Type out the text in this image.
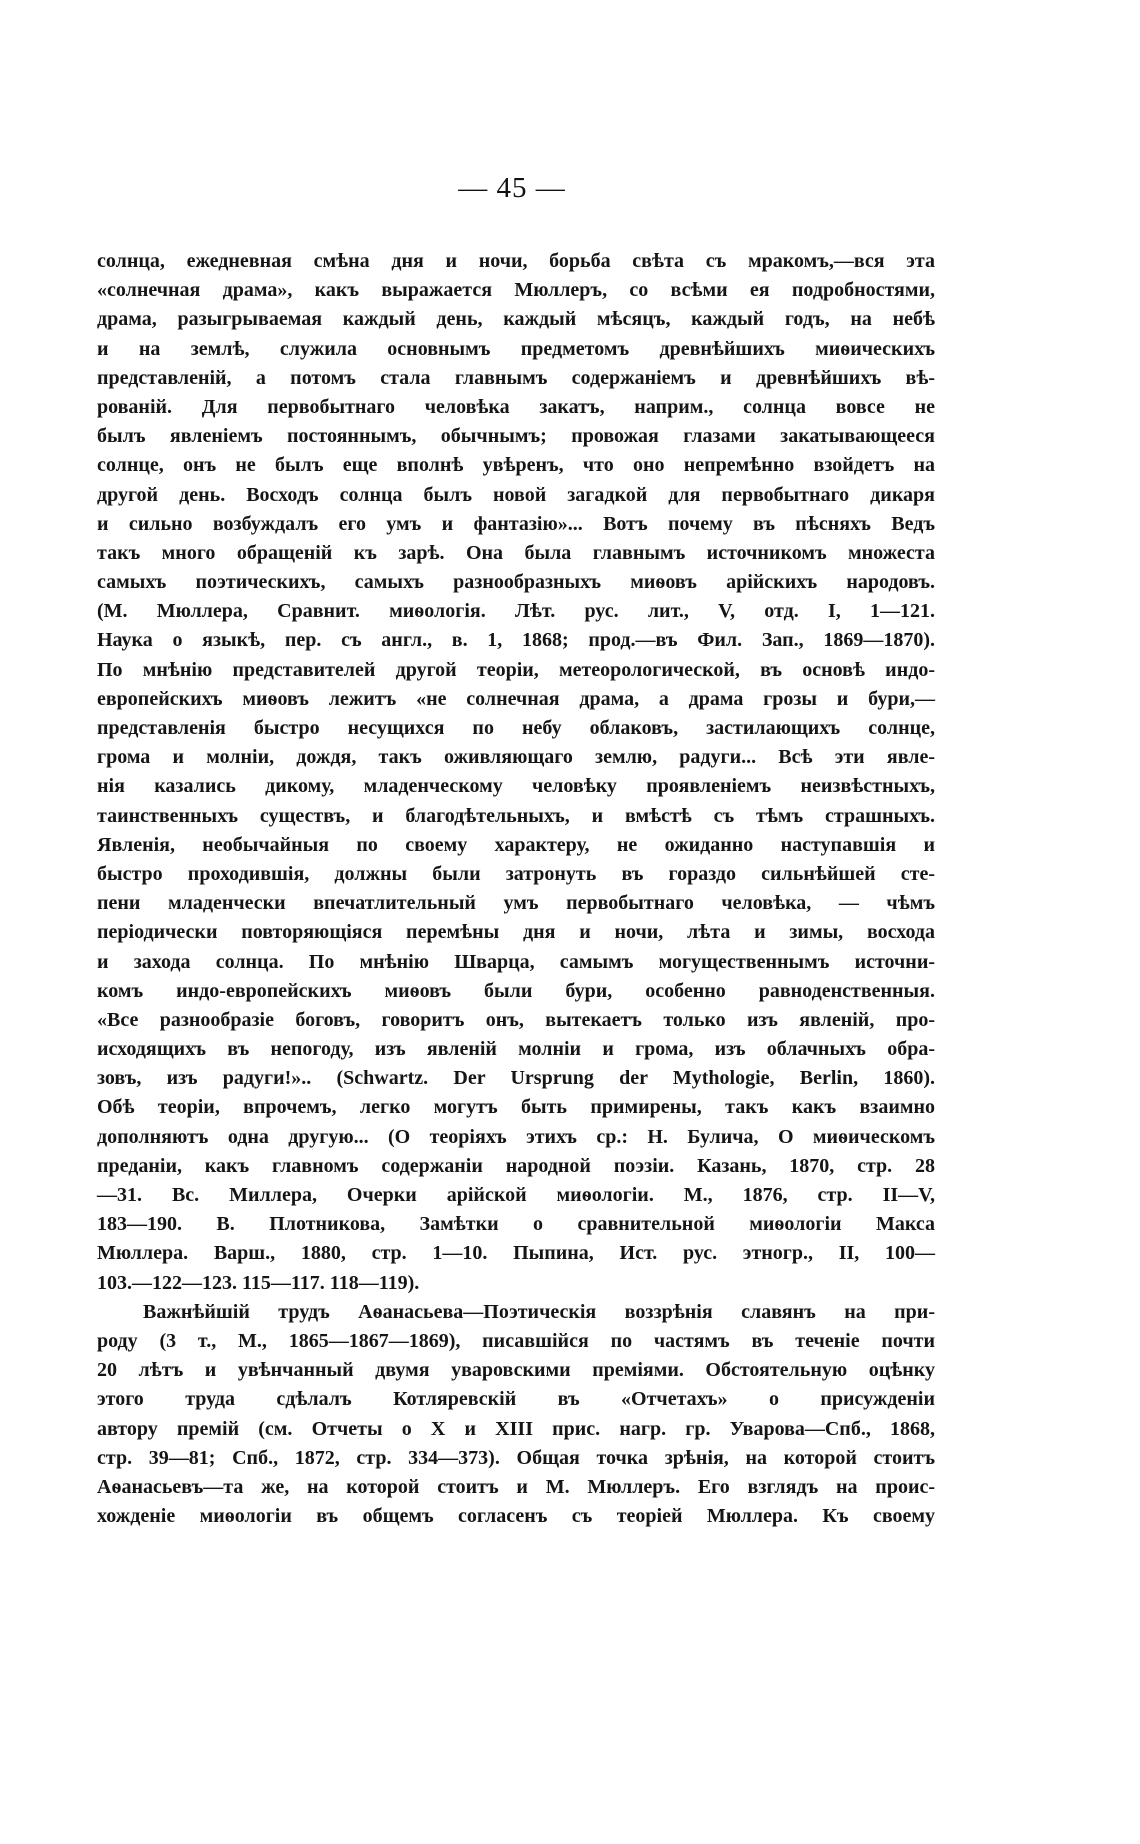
— 45 —
солнца, ежедневная смѣна дня и ночи, борьба свѣта съ мракомъ,—вся эта
«солнечная драма», какъ выражается Мюллеръ, со всѣми ея подробностями,
драма, разыгрываемая каждый день, каждый мѣсяцъ, каждый годъ, на небѣ
и на землѣ, служила основнымъ предметомъ древнѣйшихъ миѳическихъ
представленій, а потомъ стала главнымъ содержаніемъ и древнѣйшихъ вѣ-
рованій. Для первобытнаго человѣка закатъ, наприм., солнца вовсе не
былъ явленіемъ постояннымъ, обычнымъ; провожая глазами закатывающееся
солнце, онъ не былъ еще вполнѣ увѣренъ, что оно непремѣнно взойдетъ на
другой день. Восходъ солнца былъ новой загадкой для первобытнаго дикаря
и сильно возбуждалъ его умъ и фантазію»... Вотъ почему въ пѣсняхъ Ведъ
такъ много обращеній къ зарѣ. Она была главнымъ источникомъ множеста
самыхъ поэтическихъ, самыхъ разнообразныхъ миѳовъ арійскихъ народовъ.
(М. Мюллера, Сравнит. миѳологія. Лѣт. рус. лит., V, отд. I, 1—121.
Наука о языкѣ, пер. съ англ., в. 1, 1868; прод.—въ Фил. Зап., 1869—1870).
По мнѣнію представителей другой теоріи, метеорологической, въ основѣ индо-
европейскихъ миѳовъ лежитъ «не солнечная драма, а драма грозы и бури,—
представленія быстро несущихся по небу облаковъ, застилающихъ солнце,
грома и молніи, дождя, такъ оживляющаго землю, радуги... Всѣ эти явле-
нія казались дикому, младенческому человѣку проявленіемъ неизвѣстныхъ,
таинственныхъ существъ, и благодѣтельныхъ, и вмѣстѣ съ тѣмъ страшныхъ.
Явленія, необычайныя по своему характеру, не ожиданно наступавшія и
быстро проходившія, должны были затронуть въ гораздо сильнѣйшей сте-
пени младенчески впечатлительный умъ первобытнаго человѣка, — чѣмъ
періодически повторяющіяся перемѣны дня и ночи, лѣта и зимы, восхода
и захода солнца. По мнѣнію Шварца, самымъ могущественнымъ источни-
комъ индо-европейскихъ миѳовъ были бури, особенно равноденственныя.
«Все разнообразіе боговъ, говоритъ онъ, вытекаетъ только изъ явленій, про-
исходящихъ въ непогоду, изъ явленій молніи и грома, изъ облачныхъ обра-
зовъ, изъ радуги!».. (Schwartz. Der Ursprung der Mythologie, Berlin, 1860).
Обѣ теоріи, впрочемъ, легко могутъ быть примирены, такъ какъ взаимно
дополняютъ одна другую... (О теоріяхъ этихъ ср.: Н. Булича, О миѳическомъ
преданіи, какъ главномъ содержаніи народной поэзіи. Казань, 1870, стр. 28
—31. Вс. Миллера, Очерки арійской миѳологіи. М., 1876, стр. II—V,
183—190. В. Плотникова, Замѣтки о сравнительной миѳологіи Макса
Мюллера. Варш., 1880, стр. 1—10. Пыпина, Ист. рус. этногр., II, 100—
103.—122—123. 115—117. 118—119).
Важнѣйшій трудъ Аѳанасьева—Поэтическія воззрѣнія славянъ на при-
роду (3 т., М., 1865—1867—1869), писавшійся по частямъ въ теченіе почти
20 лѣтъ и увѣнчанный двумя уваровскими преміями. Обстоятельную оцѣнку
этого труда сдѣлалъ Котляревскій въ «Отчетахъ» о присужденіи
автору премій (см. Отчеты о X и XIII прис. нагр. гр. Уварова—Спб., 1868,
стр. 39—81; Спб., 1872, стр. 334—373). Общая точка зрѣнія, на которой стоитъ
Аѳанасьевъ—та же, на которой стоитъ и М. Мюллеръ. Его взглядъ на проис-
хожденіе миѳологіи въ общемъ согласенъ съ теоріей Мюллера. Къ своему
